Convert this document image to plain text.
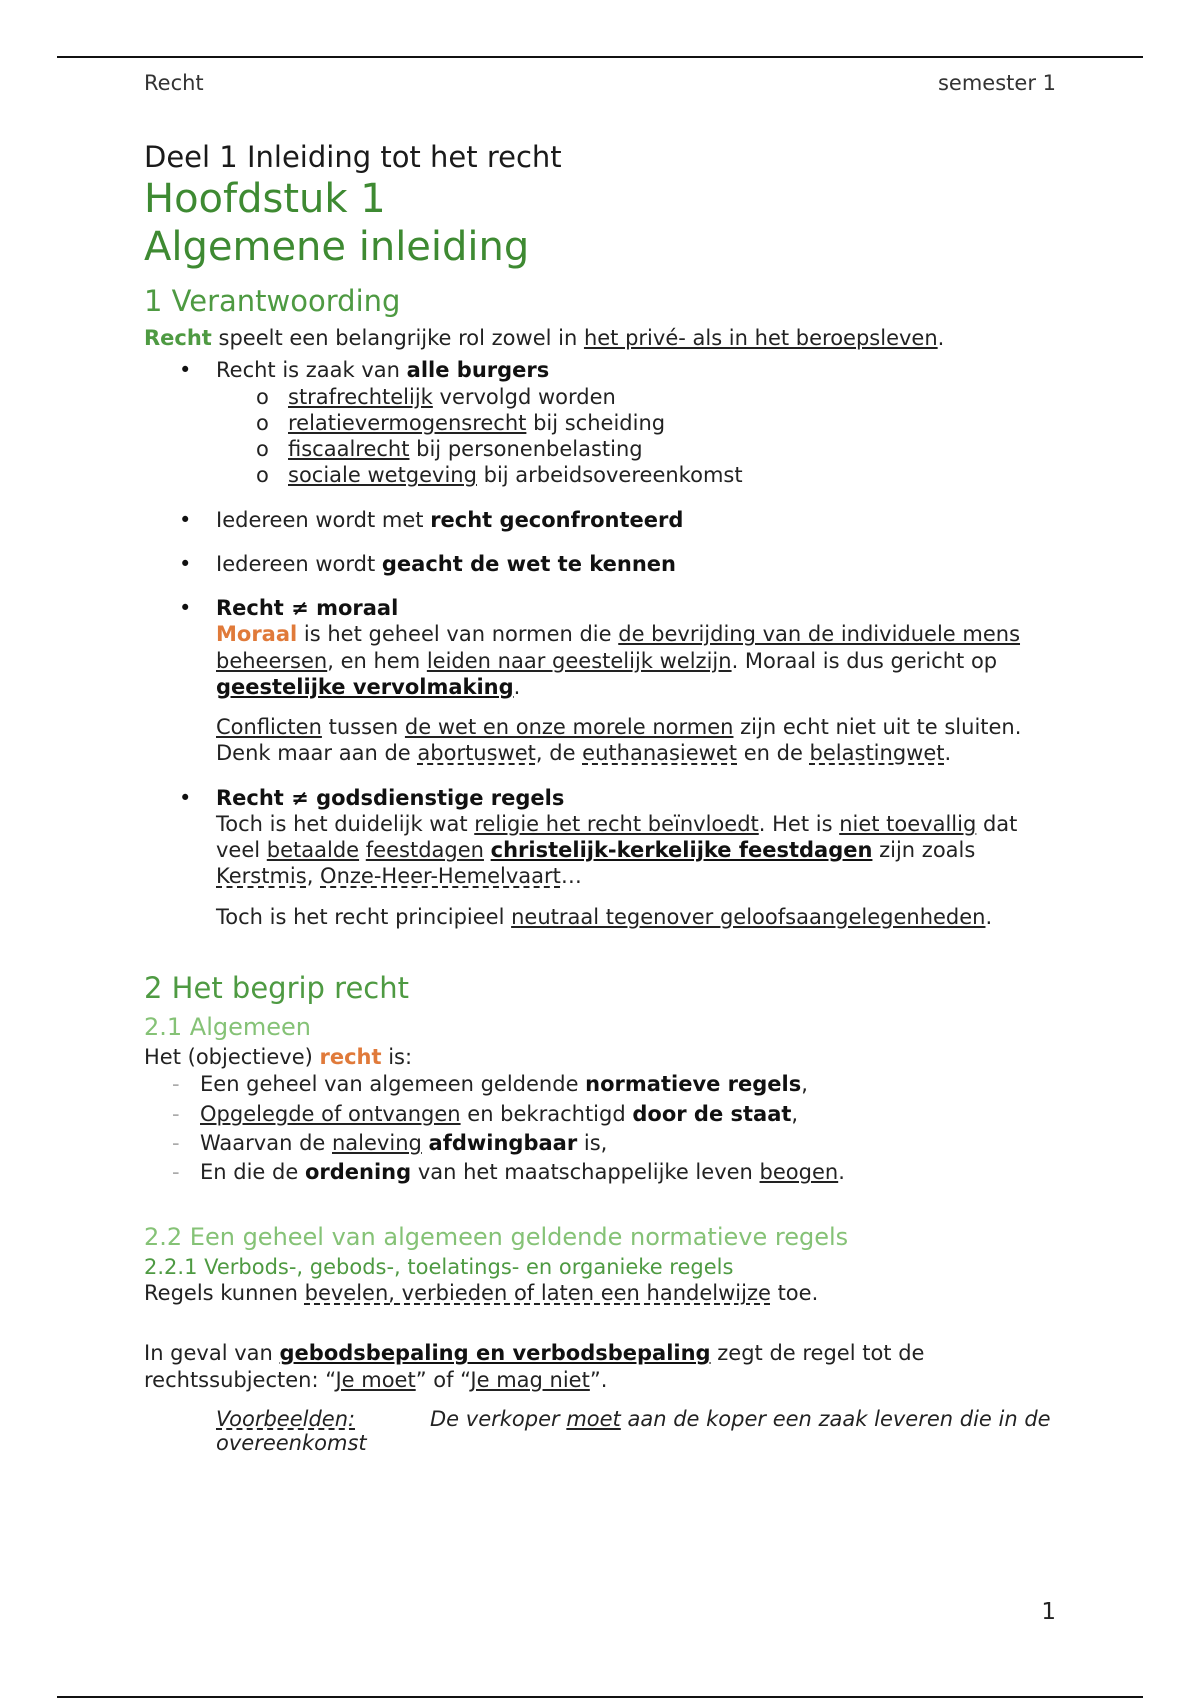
Recht	semester 1

Deel 1 Inleiding tot het recht

Hoofdstuk 1
Algemene inleiding
1 Verantwoording

Recht speelt een belangrijke rol zowel in het privé- als in het beroepsleven.

• Recht is zaak van alle burgers
o strafrechtelijk vervolgd worden
o relatievermogensrecht bij scheiding
o fiscaalrecht bij personenbelasting
o sociale wetgeving bij arbeidsovereenkomst
• Iedereen wordt met recht geconfronteerd
• Iedereen wordt geacht de wet te kennen
• Recht ≠ moraal

Moraal is het geheel van normen die de bevrijding van de individuele mens beheersen, en hem leiden naar geestelijk welzijn. Moraal is dus gericht op geestelijke vervolmaking.

Conflicten tussen de wet en onze morele normen zijn echt niet uit te sluiten. Denk maar aan de abortuswet, de euthanasiewet en de belastingwet.

• Recht ≠ godsdienstige regels

Toch is het duidelijk wat religie het recht beïnvloedt. Het is niet toevallig dat veel betaalde feestdagen christelijk-kerkelijke feestdagen zijn zoals Kerstmis, Onze-Heer-Hemelvaart…

Toch is het recht principieel neutraal tegenover geloofsaangelegenheden.

2 Het begrip recht
2.1 Algemeen

Het (objectieve) recht is:

- Een geheel van algemeen geldende normatieve regels,
- Opgelegde of ontvangen en bekrachtigd door de staat,
- Waarvan de naleving afdwingbaar is,
- En die de ordening van het maatschappelijke leven beogen.
2.2 Een geheel van algemeen geldende normatieve regels
2.2.1 Verbods-, gebods-, toelatings- en organieke regels

Regels kunnen bevelen, verbieden of laten een handelwijze toe.

In geval van gebodsbepaling en verbodsbepaling zegt de regel tot de rechtssubjecten: “Je moet” of “Je mag niet”.

Voorbeelden:	De verkoper moet aan de koper een zaak leveren die in de overeenkomst

1
